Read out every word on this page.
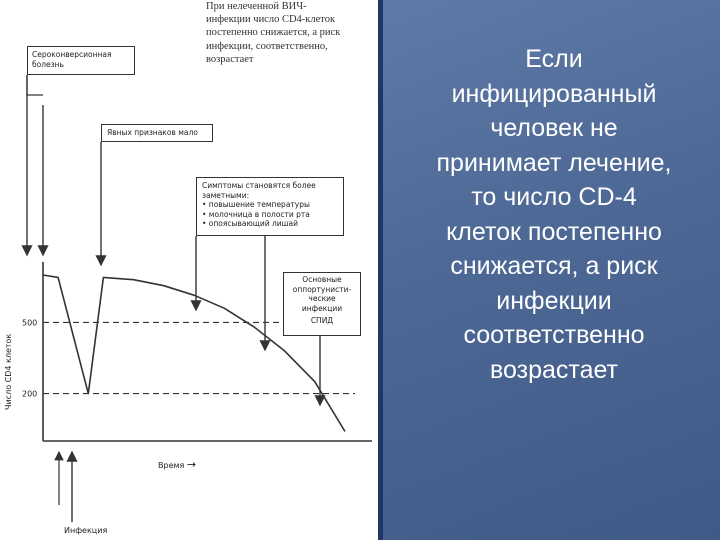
500
200
Число CD4 клеток
Время →
Инфекция
При нелеченной ВИЧ-
инфекции число CD4-клеток
постепенно снижается, а риск
инфекции, соответственно,
возрастает
Сероконверсионная
болезнь
Явных признаков мало
Симптомы становятся более
заметными:
• повышение температуры
• молочница в полости рта
• опоясывающий лишай
Основные
оппортунисти-
ческие
инфекции
СПИД
Если
инфицированный
человек не
принимает лечение,
то число CD-4
клеток постепенно
снижается, а риск
инфекции
соответственно
возрастает
